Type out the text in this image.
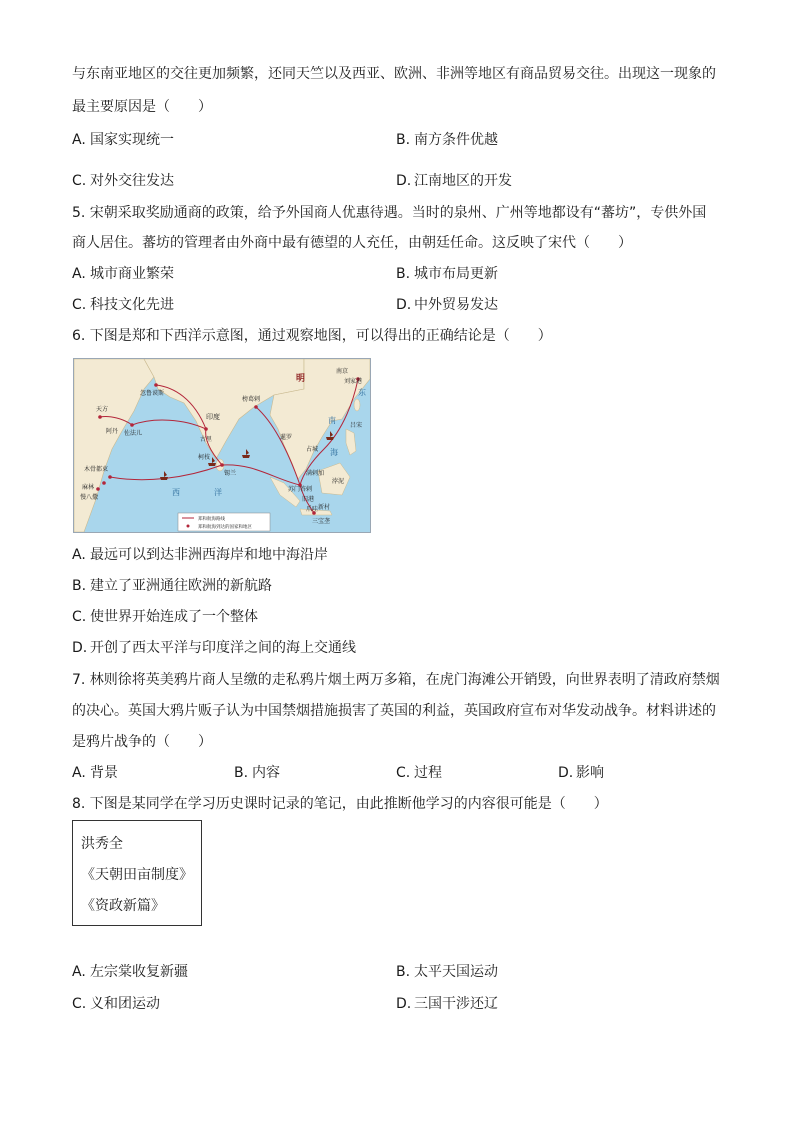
与东南亚地区的交往更加频繁，还同天竺以及西亚、欧洲、非洲等地区有商品贸易交往。出现这一现象的
最主要原因是（　　）
A. 国家实现统一	B. 南方条件优越
C. 对外交往发达	D. 江南地区的开发
5. 宋朝采取奖励通商的政策，给予外国商人优惠待遇。当时的泉州、广州等地都设有“蕃坊”，专供外国
商人居住。蕃坊的管理者由外商中最有德望的人充任，由朝廷任命。这反映了宋代（　　）
A. 城市商业繁荣	B. 城市布局更新
C. 科技文化先进	D. 中外贸易发达
6. 下图是郑和下西洋示意图，通过观察地图，可以得出的正确结论是（　　）
明
南京
刘家港
忽鲁谟斯
天方
佐法儿
阿丹
榜葛剌
印度
古里
柯枝
锡兰
木骨都束
麻林
慢八撒
暹罗
满剌加
苏门答剌
旧港
占城
吕宋
浡泥
爪哇 新村
三宝垄
西	洋
南
海
东
郑和航海路线
郑和航海到达的国家和地区
A. 最远可以到达非洲西海岸和地中海沿岸
B. 建立了亚洲通往欧洲的新航路
C. 使世界开始连成了一个整体
D. 开创了西太平洋与印度洋之间的海上交通线
7. 林则徐将英美鸦片商人呈缴的走私鸦片烟土两万多箱，在虎门海滩公开销毁，向世界表明了清政府禁烟
的决心。英国大鸦片贩子认为中国禁烟措施损害了英国的利益，英国政府宣布对华发动战争。材料讲述的
是鸦片战争的（　　）
A. 背景	B. 内容	C. 过程	D. 影响
8. 下图是某同学在学习历史课时记录的笔记，由此推断他学习的内容很可能是（　　）
洪秀全
《天朝田亩制度》
《资政新篇》
A. 左宗棠收复新疆	B. 太平天国运动
C. 义和团运动	D. 三国干涉还辽
